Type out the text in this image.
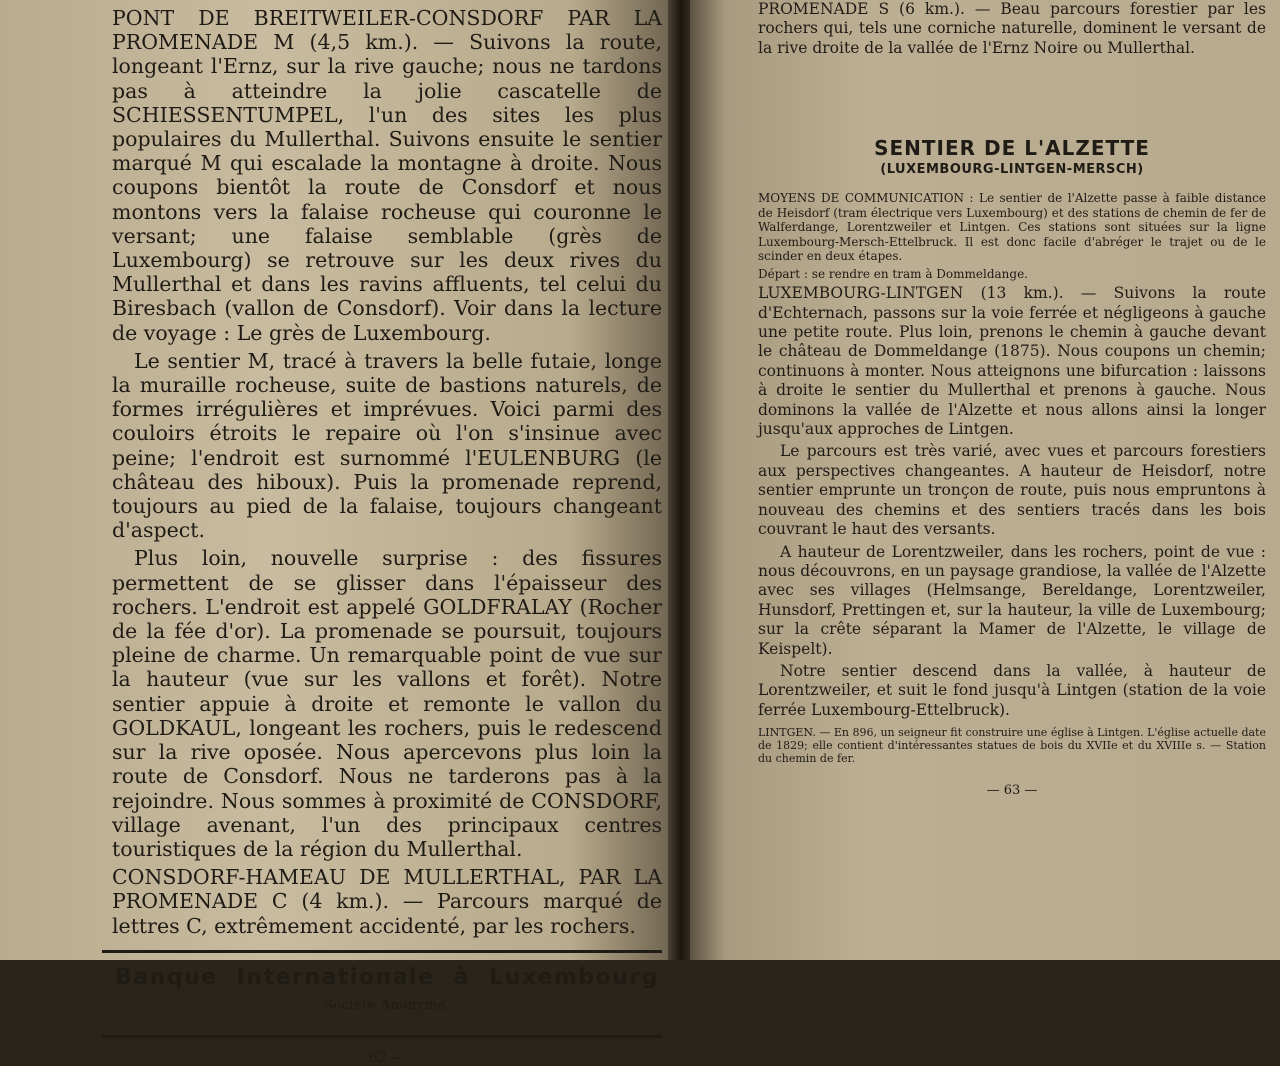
PONT DE BREITWEILER-CONSDORF PAR LA PROMENADE M (4,5 km.). — Suivons la route, longeant l'Ernz, sur la rive gauche; nous ne tardons pas à atteindre la jolie cascatelle de SCHIESSENTUMPEL, l'un des sites les plus populaires du Mullerthal. Suivons ensuite le sentier marqué M qui escalade la montagne à droite. Nous coupons bientôt la route de Consdorf et nous montons vers la falaise rocheuse qui couronne le versant; une falaise semblable (grès de Luxembourg) se retrouve sur les deux rives du Mullerthal et dans les ravins affluents, tel celui du Biresbach (vallon de Consdorf). Voir dans la lecture de voyage : Le grès de Luxembourg.

Le sentier M, tracé à travers la belle futaie, longe la muraille rocheuse, suite de bastions naturels, de formes irrégulières et imprévues. Voici parmi des couloirs étroits le repaire où l'on s'insinue avec peine; l'endroit est surnommé l'EULENBURG (le château des hiboux). Puis la promenade reprend, toujours au pied de la falaise, toujours changeant d'aspect.

Plus loin, nouvelle surprise : des fissures permettent de se glisser dans l'épaisseur des rochers. L'endroit est appelé GOLDFRALAY (Rocher de la fée d'or). La promenade se poursuit, toujours pleine de charme. Un remarquable point de vue sur la hauteur (vue sur les vallons et forêt). Notre sentier appuie à droite et remonte le vallon du GOLDKAUL, longeant les rochers, puis le redescend sur la rive oposée. Nous apercevons plus loin la route de Consdorf. Nous ne tarderons pas à la rejoindre. Nous sommes à proximité de CONSDORF, village avenant, l'un des principaux centres touristiques de la région du Mullerthal.

CONSDORF-HAMEAU DE MULLERTHAL, PAR LA PROMENADE C (4 km.). — Parcours marqué de lettres C, extrêmement accidenté, par les rochers.

Banque Internationale à Luxembourg
Société Anonyme.
62 —

PROMENADE S (6 km.). — Beau parcours forestier par les rochers qui, tels une corniche naturelle, dominent le versant de la rive droite de la vallée de l'Ernz Noire ou Mullerthal.

SENTIER DE L'ALZETTE
(LUXEMBOURG-LINTGEN-MERSCH)

MOYENS DE COMMUNICATION : Le sentier de l'Alzette passe à faible distance de Heisdorf (tram électrique vers Luxembourg) et des stations de chemin de fer de Walferdange, Lorentzweiler et Lintgen. Ces stations sont situées sur la ligne Luxembourg-Mersch-Ettelbruck. Il est donc facile d'abréger le trajet ou de le scinder en deux étapes.

Départ : se rendre en tram à Dommeldange.

LUXEMBOURG-LINTGEN (13 km.). — Suivons la route d'Echternach, passons sur la voie ferrée et négligeons à gauche une petite route. Plus loin, prenons le chemin à gauche devant le château de Dommeldange (1875). Nous coupons un chemin; continuons à monter. Nous atteignons une bifurcation : laissons à droite le sentier du Mullerthal et prenons à gauche. Nous dominons la vallée de l'Alzette et nous allons ainsi la longer jusqu'aux approches de Lintgen.

Le parcours est très varié, avec vues et parcours forestiers aux perspectives changeantes. A hauteur de Heisdorf, notre sentier emprunte un tronçon de route, puis nous empruntons à nouveau des chemins et des sentiers tracés dans les bois couvrant le haut des versants.

A hauteur de Lorentzweiler, dans les rochers, point de vue : nous découvrons, en un paysage grandiose, la vallée de l'Alzette avec ses villages (Helmsange, Bereldange, Lorentzweiler, Hunsdorf, Prettingen et, sur la hauteur, la ville de Luxembourg; sur la crête séparant la Mamer de l'Alzette, le village de Keispelt).

Notre sentier descend dans la vallée, à hauteur de Lorentzweiler, et suit le fond jusqu'à Lintgen (station de la voie ferrée Luxembourg-Ettelbruck).

LINTGEN. — En 896, un seigneur fit construire une église à Lintgen. L'église actuelle date de 1829; elle contient d'intéressantes statues de bois du XVIIe et du XVIIIe s. — Station du chemin de fer.

— 63 —
